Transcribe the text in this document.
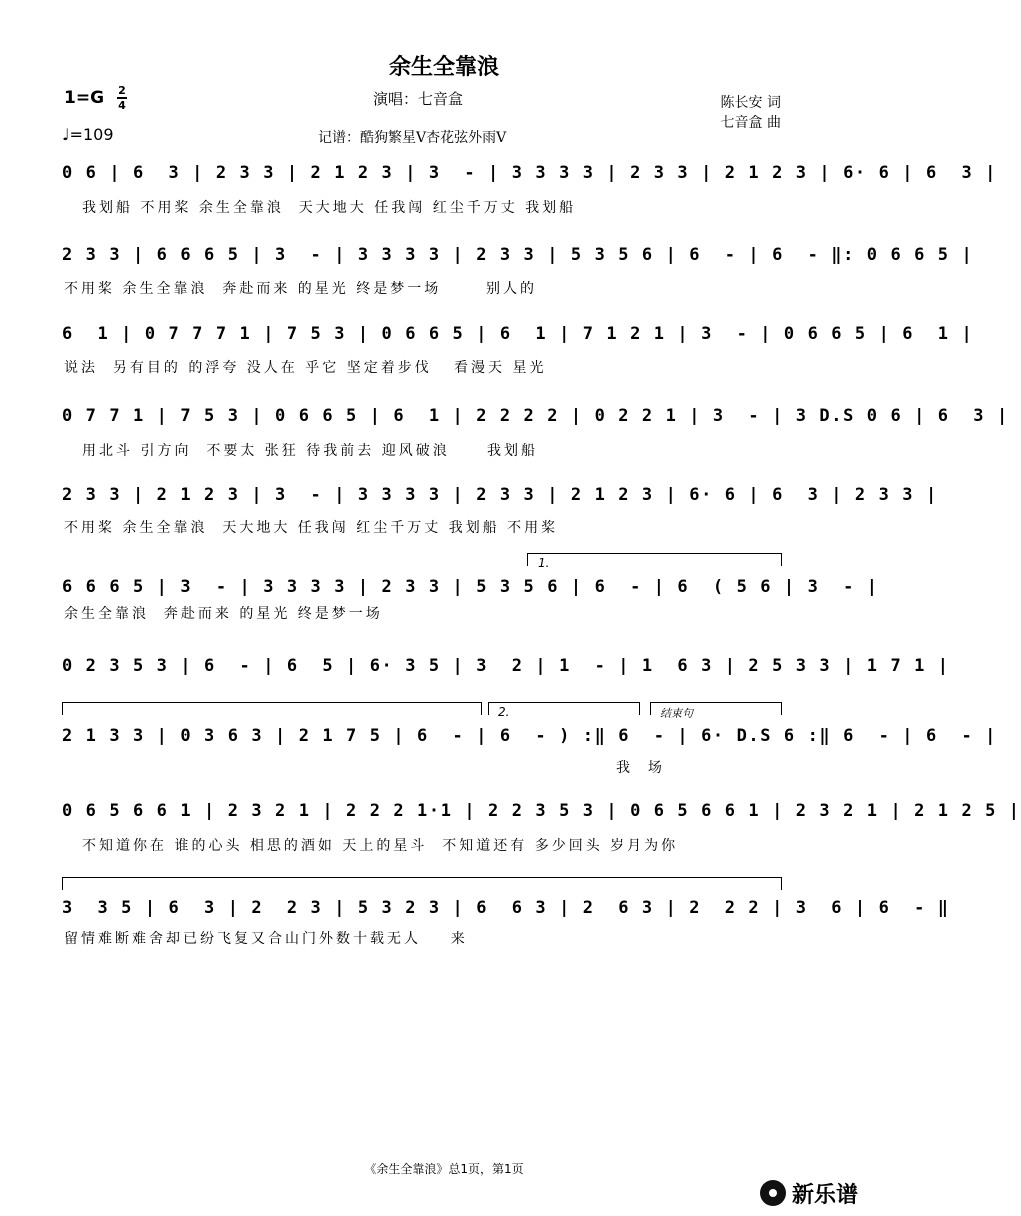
余生全靠浪
1=G 2
4
♩=109
演唱：七音盒	陈长安 词
七音盒 曲
记谱：酷狗繁星V杏花弦外雨V
0 6 | 6  3 | 2 3 3 | 2 1 2 3 | 3  - | 3 3 3 3 | 2 3 3 | 2 1 2 3 | 6· 6 | 6  3 |
我划船 不用桨 余生全靠浪  天大地大 任我闯 红尘千万丈 我划船
2 3 3 | 6 6 6 5 | 3  - | 3 3 3 3 | 2 3 3 | 5 3 5 6 | 6  - | 6  - ‖: 0 6 6 5 |
不用桨 余生全靠浪  奔赴而来 的星光 终是梦一场      别人的
6  1 | 0 7 7 7 1 | 7 5 3 | 0 6 6 5 | 6  1 | 7 1 2 1 | 3  - | 0 6 6 5 | 6  1 |
说法  另有目的 的浮夸 没人在 乎它 坚定着步伐   看漫天 星光
0 7 7 1 | 7 5 3 | 0 6 6 5 | 6  1 | 2 2 2 2 | 0 2 2 1 | 3  - | 3 D.S 0 6 | 6  3 |
用北斗 引方向  不要太 张狂 待我前去 迎风破浪     我划船
2 3 3 | 2 1 2 3 | 3  - | 3 3 3 3 | 2 3 3 | 2 1 2 3 | 6· 6 | 6  3 | 2 3 3 |
不用桨 余生全靠浪  天大地大 任我闯 红尘千万丈 我划船 不用桨
1.
6 6 6 5 | 3  - | 3 3 3 3 | 2 3 3 | 5 3 5 6 | 6  - | 6  ( 5 6 | 3  - |
余生全靠浪  奔赴而来 的星光 终是梦一场
0 2 3 5 3 | 6  - | 6  5 | 6· 3 5 | 3  2 | 1  - | 1  6 3 | 2 5 3 3 | 1 7 1 |
2.	结束句
2 1 3 3 | 0 3 6 3 | 2 1 7 5 | 6  - | 6  - ) :‖ 6  - | 6· D.S 6 :‖ 6  - | 6  - |
我  场
0 6 5 6 6 1 | 2 3 2 1 | 2 2 2 1·1 | 2 2 3 5 3 | 0 6 5 6 6 1 | 2 3 2 1 | 2 1 2 5 |
不知道你在 谁的心头 相思的酒如 天上的星斗  不知道还有 多少回头 岁月为你
3  3 5 | 6  3 | 2  2 3 | 5 3 2 3 | 6  6 3 | 2  6 3 | 2  2 2 | 3  6 | 6  - ‖
留情难断难舍却已纷飞复又合山门外数十载无人    来
《余生全靠浪》总1页，第1页
新乐谱
